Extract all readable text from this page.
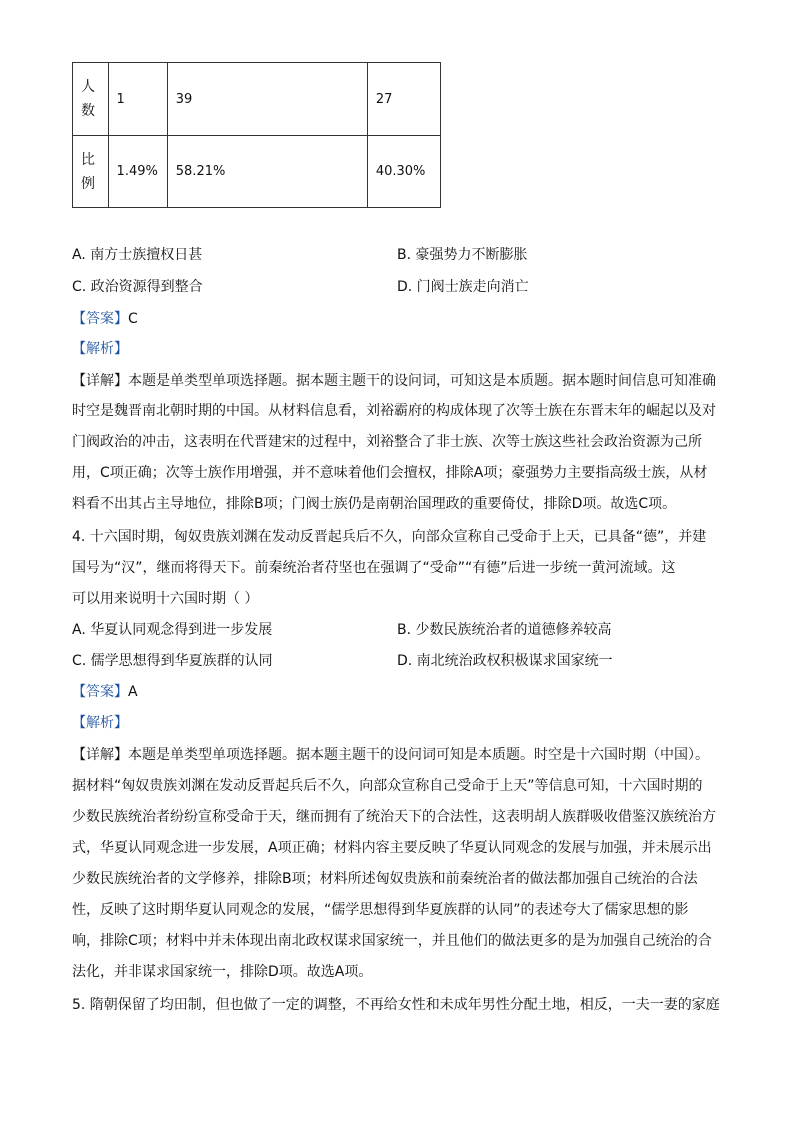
人数	1	39	27
比例	1.49%	58.21%	40.30%
A. 南方士族擅权日甚	B. 豪强势力不断膨胀
C. 政治资源得到整合	D. 门阀士族走向消亡
【答案】C
【解析】
【详解】本题是单类型单项选择题。据本题主题干的设问词，可知这是本质题。据本题时间信息可知准确
时空是魏晋南北朝时期的中国。从材料信息看，刘裕霸府的构成体现了次等士族在东晋末年的崛起以及对
门阀政治的冲击，这表明在代晋建宋的过程中，刘裕整合了非士族、次等士族这些社会政治资源为己所
用，C项正确；次等士族作用增强，并不意味着他们会擅权，排除A项；豪强势力主要指高级士族，从材
料看不出其占主导地位，排除B项；门阀士族仍是南朝治国理政的重要倚仗，排除D项。故选C项。
4. 十六国时期，匈奴贵族刘渊在发动反晋起兵后不久，向部众宣称自己受命于上天，已具备“德”，并建
国号为“汉”，继而将得天下。前秦统治者苻坚也在强调了“受命”“有德”后进一步统一黄河流域。这
可以用来说明十六国时期（ ）
A. 华夏认同观念得到进一步发展	B. 少数民族统治者的道德修养较高
C. 儒学思想得到华夏族群的认同	D. 南北统治政权积极谋求国家统一
【答案】A
【解析】
【详解】本题是单类型单项选择题。据本题主题干的设问词可知是本质题。时空是十六国时期（中国）。
据材料“匈奴贵族刘渊在发动反晋起兵后不久，向部众宣称自己受命于上天”等信息可知，十六国时期的
少数民族统治者纷纷宣称受命于天，继而拥有了统治天下的合法性，这表明胡人族群吸收借鉴汉族统治方
式，华夏认同观念进一步发展，A项正确；材料内容主要反映了华夏认同观念的发展与加强，并未展示出
少数民族统治者的文学修养，排除B项；材料所述匈奴贵族和前秦统治者的做法都加强自己统治的合法
性，反映了这时期华夏认同观念的发展，“儒学思想得到华夏族群的认同”的表述夸大了儒家思想的影
响，排除C项；材料中并未体现出南北政权谋求国家统一，并且他们的做法更多的是为加强自己统治的合
法化，并非谋求国家统一，排除D项。故选A项。
5. 隋朝保留了均田制，但也做了一定的调整，不再给女性和未成年男性分配土地，相反，一夫一妻的家庭
